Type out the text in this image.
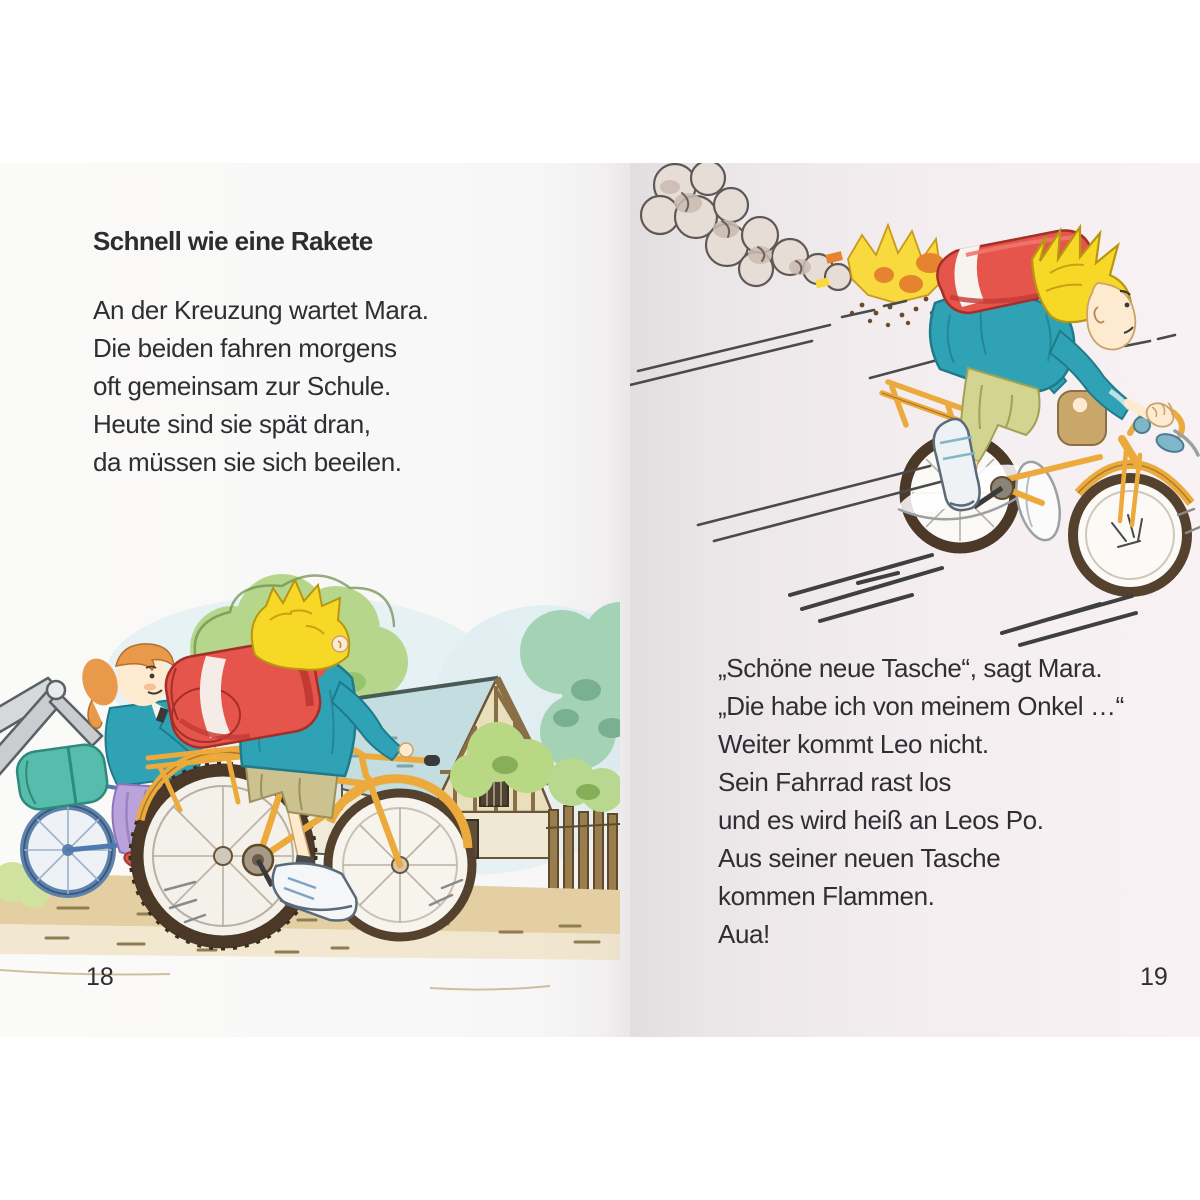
Schnell wie eine Rakete
An der Kreuzung wartet Mara.
Die beiden fahren morgens
oft gemeinsam zur Schule.
Heute sind sie spät dran,
da müssen sie sich beeilen.
18
„Schöne neue Tasche“, sagt Mara.
„Die habe ich von meinem Onkel …“
Weiter kommt Leo nicht.
Sein Fahrrad rast los
und es wird heiß an Leos Po.
Aus seiner neuen Tasche
kommen Flammen.
Aua!
19
